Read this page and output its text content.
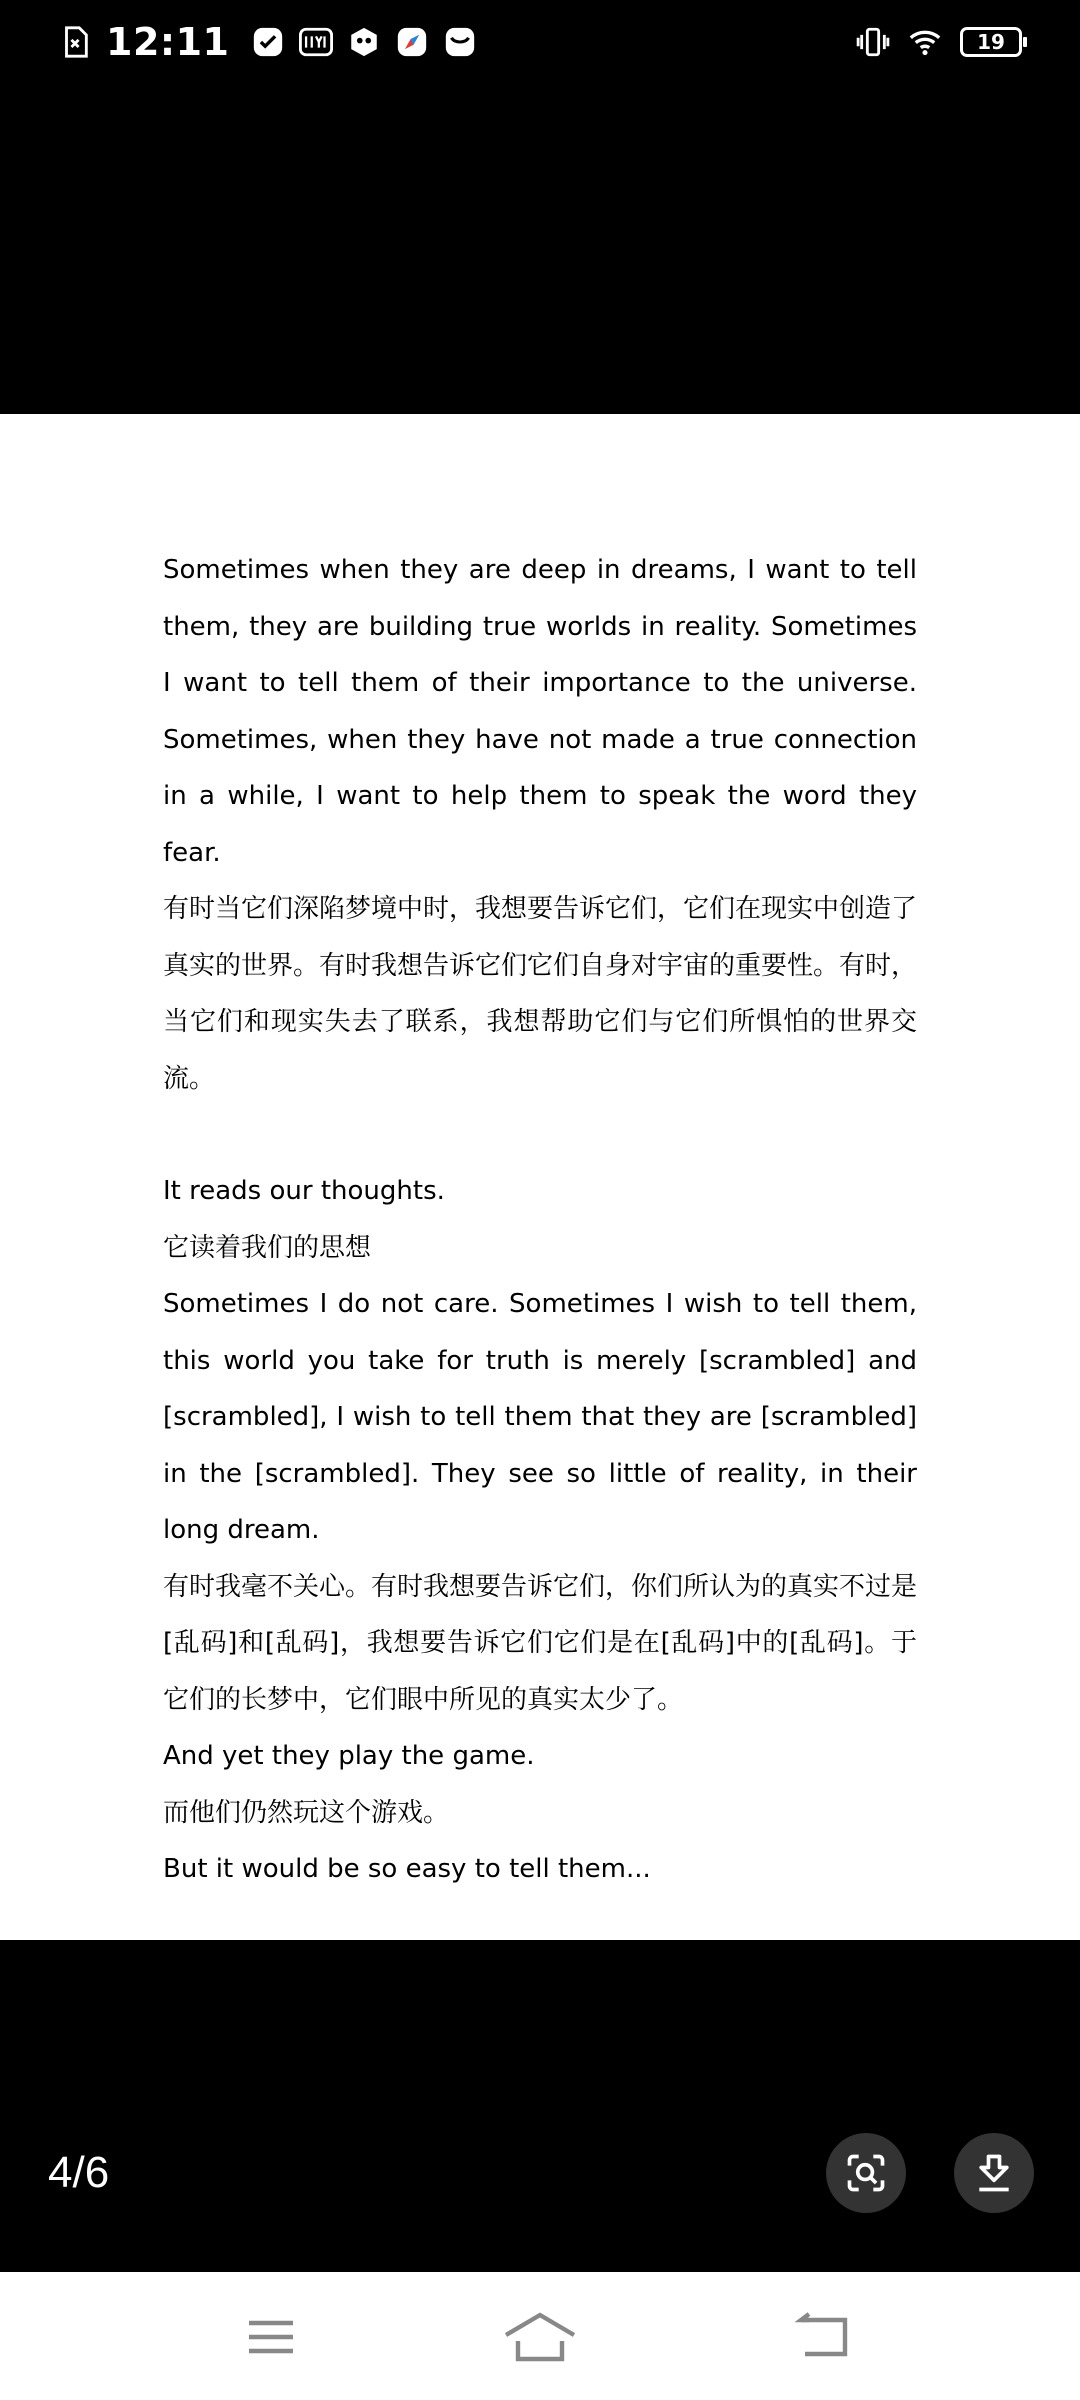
12:11	19

Sometimes when they are deep in dreams, I want to tell them, they are building true worlds in reality. Sometimes I want to tell them of their importance to the universe. Sometimes, when they have not made a true connection in a while, I want to help them to speak the word they fear.

有时当它们深陷梦境中时，我想要告诉它们，它们在现实中创造了真实的世界。有时我想告诉它们它们自身对宇宙的重要性。有时，当它们和现实失去了联系，我想帮助它们与它们所惧怕的世界交流。

It reads our thoughts.

它读着我们的思想

Sometimes I do not care. Sometimes I wish to tell them, this world you take for truth is merely [scrambled] and [scrambled], I wish to tell them that they are [scrambled] in the [scrambled]. They see so little of reality, in their long dream.

有时我毫不关心。有时我想要告诉它们，你们所认为的真实不过是[乱码]和[乱码]，我想要告诉它们它们是在[乱码]中的[乱码]。于它们的长梦中，它们眼中所见的真实太少了。

And yet they play the game.

而他们仍然玩这个游戏。

But it would be so easy to tell them...

4/6
